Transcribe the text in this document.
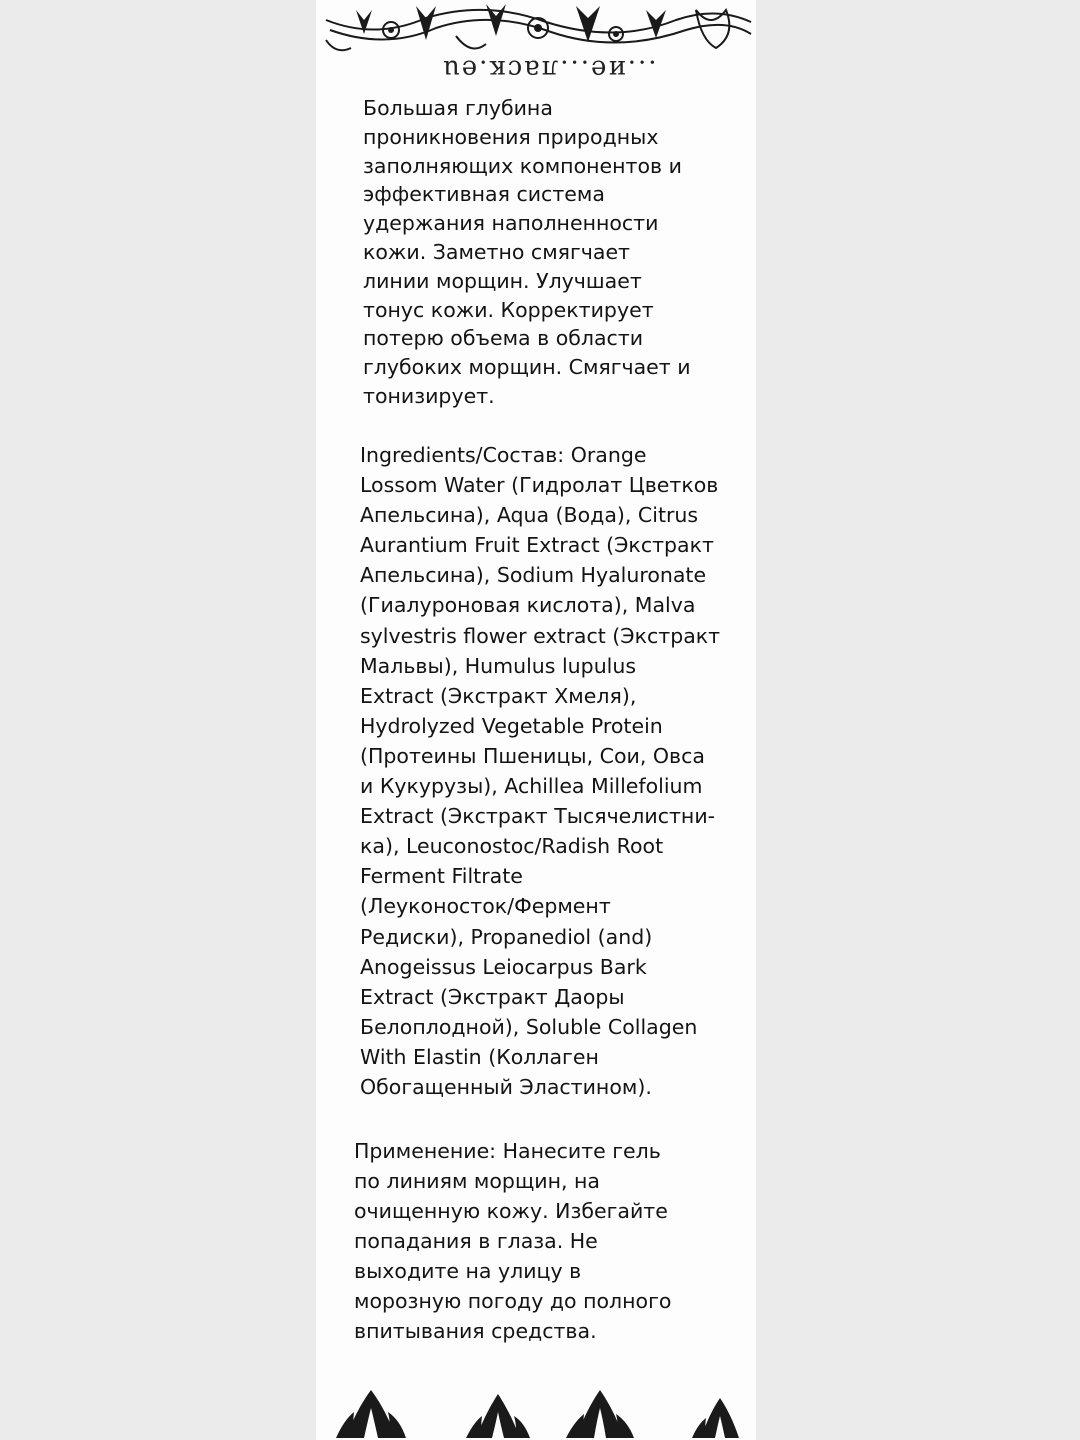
...ие...ласк.еu

Большая глубина
проникновения природных
заполняющих компонентов и
эффективная система
удержания наполненности
кожи. Заметно смягчает
линии морщин. Улучшает
тонус кожи. Корректирует
потерю объема в области
глубоких морщин. Смягчает и
тонизирует.

Ingredients/Состав: Orange
Lossom Water (Гидролат Цветков
Апельсина), Aqua (Вода), Citrus
Aurantium Fruit Extract (Экстракт
Апельсина), Sodium Hyaluronate
(Гиалуроновая кислота), Malva
sylvestris flower extract (Экстракт
Мальвы), Humulus lupulus
Extract (Экстракт Хмеля),
Hydrolyzed Vegetable Protein
(Протеины Пшеницы, Сои, Овса
и Кукурузы), Achillea Millefolium
Extract (Экстракт Тысячелистни-
ка), Leuconostoc/Radish Root
Ferment Filtrate
(Леуконосток/Фермент
Редиски), Propanediol (and)
Anogeissus Leiocarpus Bark
Extract (Экстракт Даоры
Белоплодной), Soluble Collagen
With Elastin (Коллаген
Обогащенный Эластином).

Применение: Нанесите гель
по линиям морщин, на
очищенную кожу. Избегайте
попадания в глаза. Не
выходите на улицу в
морозную погоду до полного
впитывания средства.
